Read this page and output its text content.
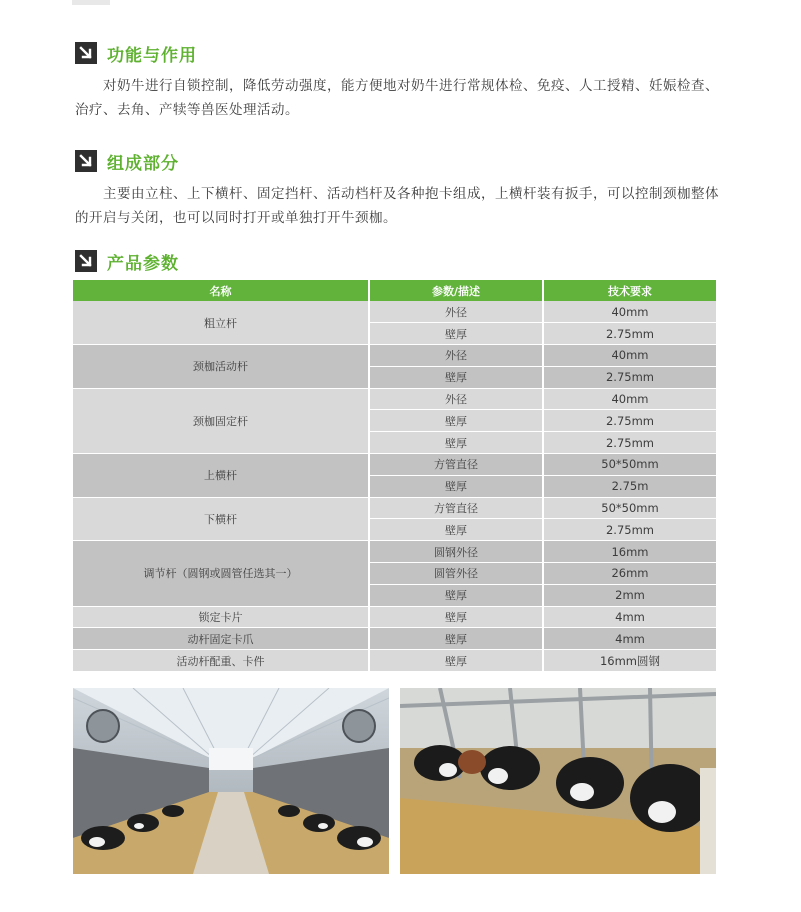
功能与作用

对奶牛进行自锁控制，降低劳动强度，能方便地对奶牛进行常规体检、免疫、人工授精、妊娠检查、治疗、去角、产犊等兽医处理活动。

组成部分

主要由立柱、上下横杆、固定挡杆、活动档杆及各种抱卡组成，上横杆装有扳手，可以控制颈枷整体的开启与关闭，也可以同时打开或单独打开牛颈枷。

产品参数
名称	参数/描述	技术要求
粗立杆	外径	40mm
	壁厚	2.75mm
颈枷活动杆	外径	40mm
	壁厚	2.75mm
颈枷固定杆	外径	40mm
	壁厚	2.75mm
	壁厚	2.75mm
上横杆	方管直径	50*50mm
	壁厚	2.75m
下横杆	方管直径	50*50mm
	壁厚	2.75mm
调节杆（圆钢或圆管任选其一）	圆钢外径	16mm
	圆管外径	26mm
	壁厚	2mm
锁定卡片	壁厚	4mm
动杆固定卡爪	壁厚	4mm
活动杆配重、卡件	壁厚	16mm圆钢
